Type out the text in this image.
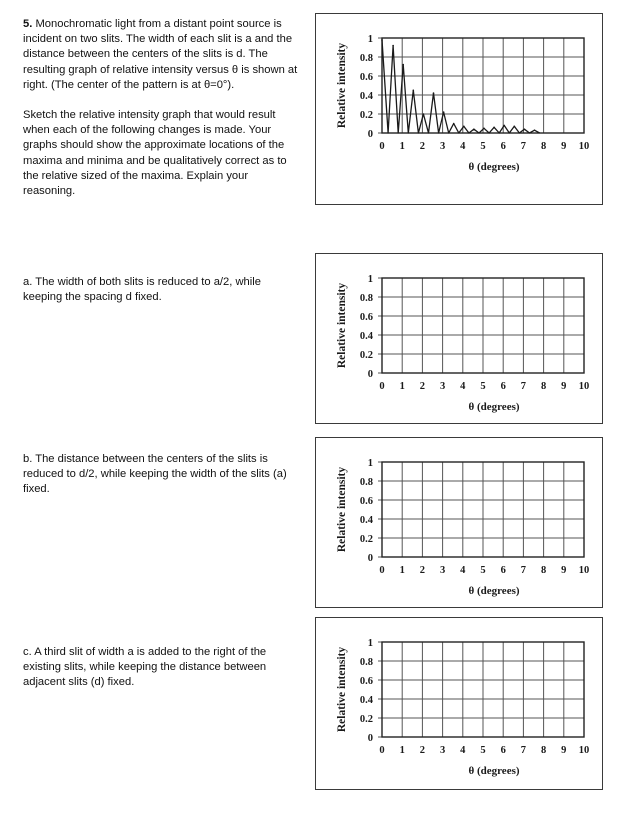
5. Monochromatic light from a distant point source is incident on two slits. The width of each slit is a and the distance between the centers of the slits is d. The resulting graph of relative intensity versus θ is shown at right. (The center of the pattern is at θ=0°).

Sketch the relative intensity graph that would result when each of the following changes is made. Your graphs should show the approximate locations of the maxima and minima and be qualitatively correct as to the relative sized of the maxima. Explain your reasoning.

a. The width of both slits is reduced to a/2, while keeping the spacing d fixed.
b. The distance between the centers of the slits is reduced to d/2, while keeping the width of the slits (a) fixed.
c. A third slit of width a is added to the right of the existing slits, while keeping the distance between adjacent slits (d) fixed.
0
0.2
0.4
0.6
0.8
1
0 1 2 3 4 5 6 7 8 9 10
Relative intensity
θ (degrees)
0
0.2
0.4
0.6
0.8
1
0 1 2 3 4 5 6 7 8 9 10
Relative intensity
θ (degrees)
0
0.2
0.4
0.6
0.8
1
0 1 2 3 4 5 6 7 8 9 10
Relative intensity
θ (degrees)
0
0.2
0.4
0.6
0.8
1
0 1 2 3 4 5 6 7 8 9 10
Relative intensity
θ (degrees)
